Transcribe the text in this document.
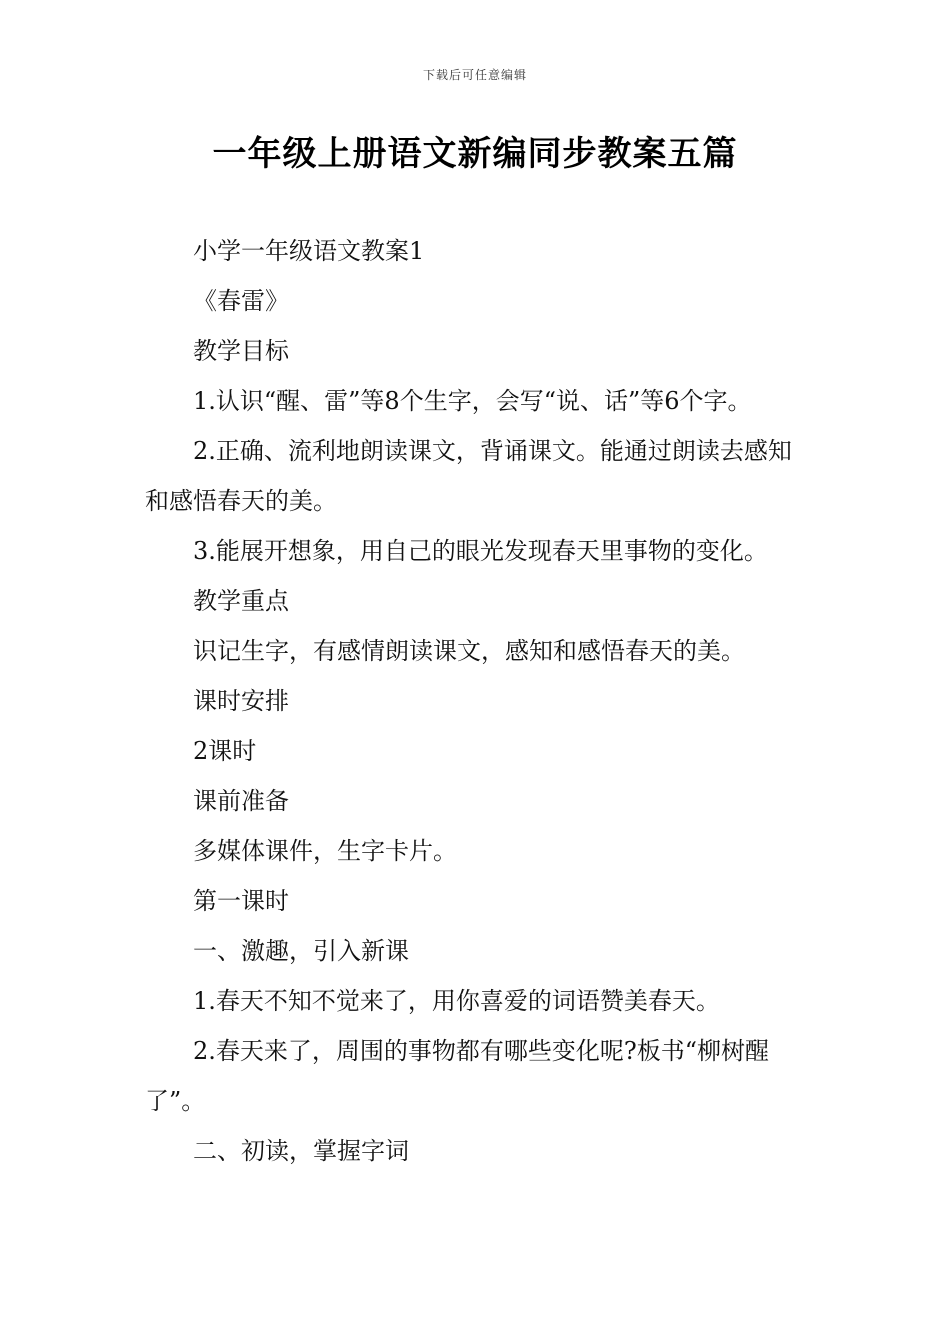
下载后可任意编辑
一年级上册语文新编同步教案五篇

小学一年级语文教案1

《春雷》

教学目标

1.认识“醒、雷”等8个生字，会写“说、话”等6个字。

2.正确、流利地朗读课文，背诵课文。能通过朗读去感知和感悟春天的美。

3.能展开想象，用自己的眼光发现春天里事物的变化。

教学重点

识记生字，有感情朗读课文，感知和感悟春天的美。

课时安排

2课时

课前准备

多媒体课件，生字卡片。

第一课时

一、激趣，引入新课

1.春天不知不觉来了，用你喜爱的词语赞美春天。

2.春天来了，周围的事物都有哪些变化呢?板书“柳树醒了”。

二、初读，掌握字词
